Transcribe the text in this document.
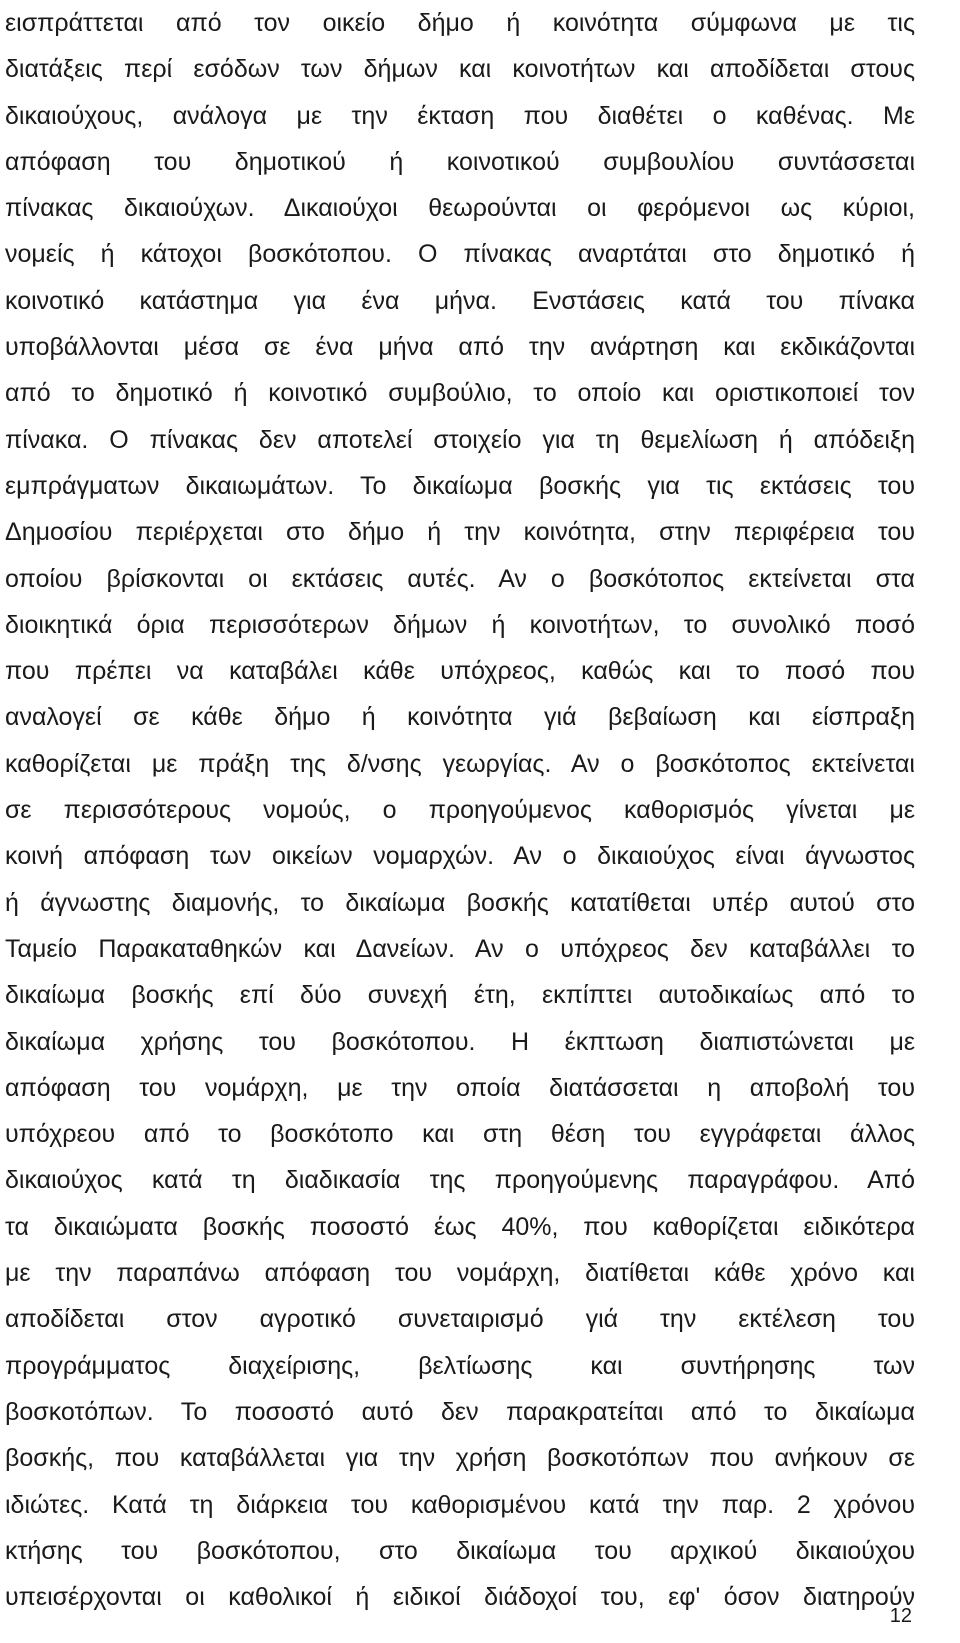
εισπράττεται από τον οικείο δήμο ή κοινότητα σύμφωνα με τις
διατάξεις περί εσόδων των δήμων και κοινοτήτων και αποδίδεται στους
δικαιούχους, ανάλογα με την έκταση που διαθέτει ο καθένας. Με
απόφαση του δημοτικού ή κοινοτικού συμβουλίου συντάσσεται
πίνακας δικαιούχων. Δικαιούχοι θεωρούνται οι φερόμενοι ως κύριοι,
νομείς ή κάτοχοι βοσκότοπου. Ο πίνακας αναρτάται στο δημοτικό ή
κοινοτικό κατάστημα για ένα μήνα. Ενστάσεις κατά του πίνακα
υποβάλλονται μέσα σε ένα μήνα από την ανάρτηση και εκδικάζονται
από το δημοτικό ή κοινοτικό συμβούλιο, το οποίο και οριστικοποιεί τον
πίνακα. Ο πίνακας δεν αποτελεί στοιχείο για τη θεμελίωση ή απόδειξη
εμπράγματων δικαιωμάτων. Το δικαίωμα βοσκής για τις εκτάσεις του
Δημοσίου περιέρχεται στο δήμο ή την κοινότητα, στην περιφέρεια του
οποίου βρίσκονται οι εκτάσεις αυτές. Αν ο βοσκότοπος εκτείνεται στα
διοικητικά όρια περισσότερων δήμων ή κοινοτήτων, το συνολικό ποσό
που πρέπει να καταβάλει κάθε υπόχρεος, καθώς και το ποσό που
αναλογεί σε κάθε δήμο ή κοινότητα γιά βεβαίωση και είσπραξη
καθορίζεται με πράξη της δ/νσης γεωργίας. Αν ο βοσκότοπος εκτείνεται
σε περισσότερους νομούς, ο προηγούμενος καθορισμός γίνεται με
κοινή απόφαση των οικείων νομαρχών. Αν ο δικαιούχος είναι άγνωστος
ή άγνωστης διαμονής, το δικαίωμα βοσκής κατατίθεται υπέρ αυτού στο
Ταμείο Παρακαταθηκών και Δανείων. Αν ο υπόχρεος δεν καταβάλλει το
δικαίωμα βοσκής επί δύο συνεχή έτη, εκπίπτει αυτοδικαίως από το
δικαίωμα χρήσης του βοσκότοπου. Η έκπτωση διαπιστώνεται με
απόφαση του νομάρχη, με την οποία διατάσσεται η αποβολή του
υπόχρεου από το βοσκότοπο και στη θέση του εγγράφεται άλλος
δικαιούχος κατά τη διαδικασία της προηγούμενης παραγράφου. Από
τα δικαιώματα βοσκής ποσοστό έως 40%, που καθορίζεται ειδικότερα
με την παραπάνω απόφαση του νομάρχη, διατίθεται κάθε χρόνο και
αποδίδεται στον αγροτικό συνεταιρισμό γιά την εκτέλεση του
προγράμματος διαχείρισης, βελτίωσης και συντήρησης των
βοσκοτόπων. Το ποσοστό αυτό δεν παρακρατείται από το δικαίωμα
βοσκής, που καταβάλλεται για την χρήση βοσκοτόπων που ανήκουν σε
ιδιώτες. Κατά τη διάρκεια του καθορισμένου κατά την παρ. 2 χρόνου
κτήσης του βοσκότοπου, στο δικαίωμα του αρχικού δικαιούχου
υπεισέρχονται οι καθολικοί ή ειδικοί διάδοχοί του, εφ' όσον διατηρούν
12
